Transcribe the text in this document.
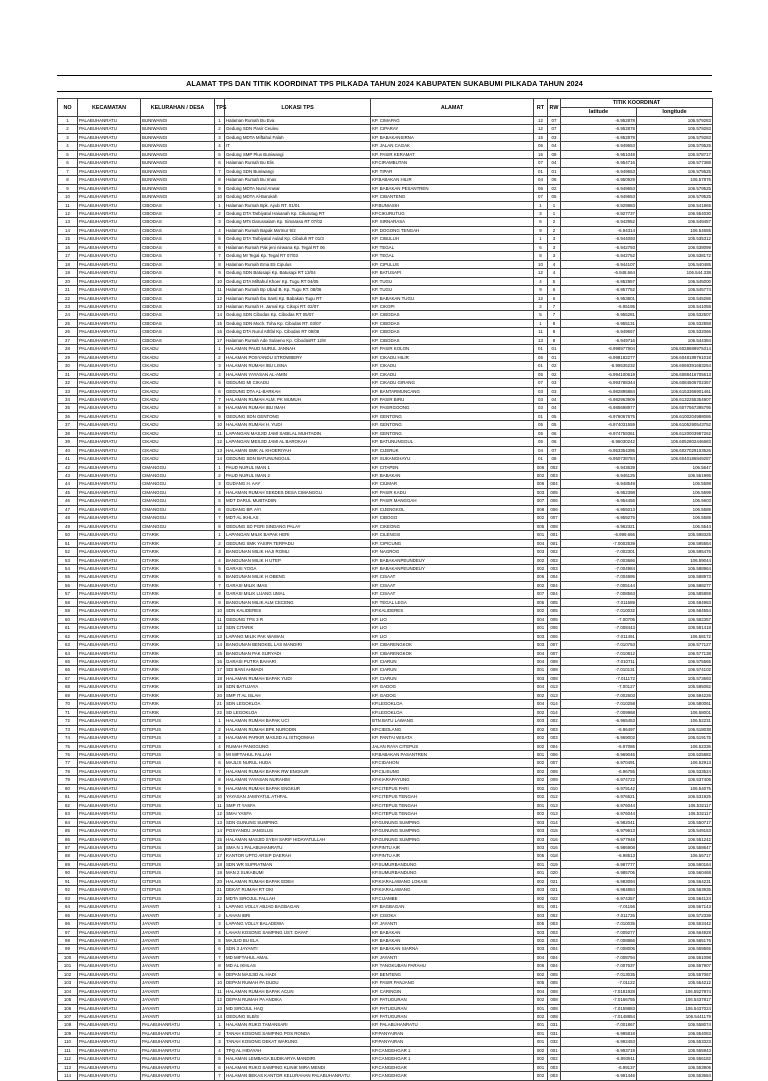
ALAMAT TPS DAN TITIK KOORDINAT TPS PILKADA TAHUN 2024 KABUPATEN SUKABUMI PILKADA TAHUN 2024
NO	KECAMATAN	KELURAHAN / DESA	TPS	LOKASI TPS	ALAMAT	RT	RW	TITIK KOORDINAT	
								latitude	longitude
1	PALABUHANRATU	BUNIWANGI	1	Halaman Rumah Bu Eva	KP. CIMAPAG	12	07	-6.952878	106.579283
2	PALABUHANRATU	BUNIWANGI	2	Gedung SDN Pasir Ceuleu	KP. CIPARAY	12	07	-6.952878	106.579283
3	PALABUHANRATU	BUNIWANGI	3	Gedung MDTA Miftahul Falah	KP. BABAKANSIRNA	15	03	-6.952878	106.579283
4	PALABUHANRATU	BUNIWANGI	4	IT	KP. JALAN CAGAK	06	04	-6.949653	106.579525
5	PALABUHANRATU	BUNIWANGI	5	Gedung SMP Plus Buniwangi	KP. PASIR KERAMAT	16	08	-6.951048	106.578717
6	PALABUHANRATU	BUNIWANGI	6	Halaman Rumah Bu Elis	KP.CIRAMBUTAN	07	04	-6.954716	106.577388
7	PALABUHANRATU	BUNIWANGI	7	Gedung SDN Buniwangi	KP. TIPAR	01	01	-6.949653	106.579525
8	PALABUHANRATU	BUNIWANGI	8	Halaman Rumah Bu Imas	KP.BABAKAN HILIR	04	06	-6.950929	106.57876
9	PALABUHANRATU	BUNIWANGI	9	Gedung MDTA Nurul Anwar	KP. BABAKAN PESANTREN	06	02	-6.949653	106.579525
10	PALABUHANRATU	BUNIWANGI	10	Gedung MDTA Al-Barokah	KP. CIBANTENG	07	05	-6.949653	106.579525
11	PALABUHANRATU	CIBODAS	1	Halaman Rumah Bpk. Ayub RT. 01/01	KP.BUNIASIH	1	1	-6.929883	106.541965
12	PALABUHANRATU	CIBODAS	2	Gedung DTA Tarbiyatul Hasanah Kp. Cikurutug RT	KP.CIKURUTUG	3	1	-6.927737	106.554030
13	PALABUHANRATU	CIBODAS	3	Gedung MTs Darussalam Kp. Simarasa RT 07/02	KP. SIRNARASA	6	2	-6.942952	106.549457
14	PALABUHANRATU	CIBODAS	4	Halaman Rumah Bapak Ma'mur 9/2	KP. DOGONG TENGAH	9	2	-6.94314	106.54655
15	PALABUHANRATU	CIBODAS	5	Gedung DTA Tarbiyatul Aulad Kp. Cibuluh RT 01/3	KP. CIBULUH	1	3	-6.944093	106.535312
16	PALABUHANRATU	CIBODAS	6	Halaman Rumah Pak jeni nirwana Kp. Tegal RT 06	KP. TEGAL	6	3	-6.942793	106.538099
17	PALABUHANRATU	CIBODAS	7	Gedung MI Tegal Kp. Tegal RT 07/03	KP. TEGAL	8	3	-6.942752	106.538172
18	PALABUHANRATU	CIBODAS	8	Halaman Rumah Ema Eti Cipulus	KP. CIPULUS	10	4	-6.944107	106.540485
19	PALABUHANRATU	CIBODAS	9	Gedung SDN Batusapi Kp. Batusapi RT 13/04	KP. BATUSAPI	12	4	-6.948.664	106.544.338
20	PALABUHANRATU	CIBODAS	10	Gedung DTA Miftahul Khoer Kp. Tugu RT 04/05	KP. TUGU	4	5	-6.952957	106.545000
21	PALABUHANRATU	CIBODAS	11	Halaman Rumah Bp Ubad B. Kp. Tugu RT. 08/06	KP. TUGU	9	6	-6.957752	106.545774
22	PALABUHANRATU	CIBODAS	12	Halaman Rumah Ibu Santi Kp. Babakan Tugu RT	KP. BABAKAN TUGU	12	6	-6.953801	106.545286
23	PALABUHANRATU	CIBODAS	13	Halaman Rumah H. Jamal Kp. Cikopi RT. 02/07	KP. CIKOPI	2	7	-6.95195	106.541058
24	PALABUHANRATU	CIBODAS	14	Gedung SDN Cibodas Kp. Cibodas RT 05/07	KP. CIBODAS	5	7	-6.955281	106.532507
25	PALABUHANRATU	CIBODAS	15	Gedung SDN Moch. Toha Kp. Cibodas RT. 03/07	KP. CIBODAS	1	8	-6.955131	106.532858
26	PALABUHANRATU	CIBODAS	16	Gedung DTA Nurul Athfal Kp. Cibodas RT 08/08	KP. CIBODAS	11	8	-6.949667	106.532066
27	PALABUHANRATU	CIBODAS	17	Halaman Rumah Ade Sulaeno Kp. CibodasRT 12/8	KP. CIBODAS	13	8	-6.949716	106.544384
28	PALABUHANRATU	CIKADU	1	HALAMAN PAUD NURUL JANNAH	KP. PASIR KOLON	01	01	-6.998977904	106.6028689975314
29	PALABUHANRATU	CIKADU	2	HALAMAN POSYANDU STROWBERY	KP. CIKADU HILIR	05	01	-6.998182277	106.6048189761018
30	PALABUHANRATU	CIKADU	3	HALAMAN RUMAH IBU LISNA	KP. CIKADU	01	02	-6.99535232	106.6069391683254
31	PALABUHANRATU	CIKADU	4	HALAMAN YAYASAN AL-AMIN	KP. CIKADU	05	02	-6.994100619	106.6088416705613
32	PALABUHANRATU	CIKADU	5	GEDUNG MI CIKADU	KP. CIKADU GIRANG	07	03	-6.993788344	106.6084506702357
33	PALABUHANRATU	CIKADU	6	GEDUNG DTA AL-BARKAH	KP. BANTARMUNCANG	03	03	-6.982895884	106.6153366901461
34	PALABUHANRATU	CIKADU	7	HALAMAN RUMAH ALM. PK MUMUH	KP. PASIR BIRU	03	04	-6.982963909	106.6132255354907
35	PALABUHANRATU	CIKADU	8	HALAMAN RUMAH IBU IMAH	KP. PASIRGOONG	03	04	-6.985698977	106.6077567395795
36	PALABUHANRATU	CIKADU	9	GEDUNG SDN GENTONG	KP. GENTONG	01	05	-6.976067675	106.6100204988086
37	PALABUHANRATU	CIKADU	10	HALAMAN RUMAH H. YUDI	KP. GENTONG	05	05	-6.974031559	106.6105290543752
38	PALABUHANRATU	CIKADU	11	LAPANGAN MASJID JAMI SABILAL MUHTADIN	KP. GENTONG	05	06	-6.974759361	106.6120003987262
39	PALABUHANRATU	CIKADU	12	LAPANGAN MESJID JAMI AL BAROKAH	KP. BATUNUNGGUL	05	06	-6.96030242	106.6052802446683
40	PALABUHANRATU	CIKADU	13	HALAMAN SMK AL KHOERIYAH	KP. CIJERUK	04	07	-6.953354395	106.6027029103526
41	PALABUHANRATU	CIKADU	14	GEDUNG SDN BATUNUNGGUL	KP. SUKANGHAYU	01	08	-6.950738784	106.6040186849287
42	PALABUHANRATU	CIMANGGU	1	PAUD NURUL IMAN 1	KP. CITAPEN	006	002	-6.943639	106.5647
43	PALABUHANRATU	CIMANGGU	2	PAUD NURUL IMAN 2	KP. BABAKAN	002	003	-6.946125	106.561995
44	PALABUHANRATU	CIMANGGU	3	GUDANG H. AAY	KP. CIUMAR	006	004	-6.948549	106.5598
45	PALABUHANRATU	CIMANGGU	4	HALAMAN RUMAH SEKDES DESA CIMANGGU	KP. PASIR KADU	003	005	-6.952398	106.5599
46	PALABUHANRATU	CIMANGGU	5	MDT DARUL MUBTADIIN	KP. PASIR MANGGAH	007	006	-6.954456	106.5603
47	PALABUHANRATU	CIMANGGU	6	GUDANG BP. AYI	KP. CIJENGKOL	008	006	-6.955013	106.5589
48	PALABUHANRATU	CIMANGGU	7	MDT AL IKHLAS	KP. CIBOGO	002	007	-6.959275	106.5589
49	PALABUHANRATU	CIMANGGU	8	GEDUNG SD PGRI SINDANG PALAY	KP. CIKEONG	005	008	-6.962321	106.5544
50	PALABUHANRATU	CITARIK	1	LAPANGAN MILIK BAPAK HERI	KP. CILENGSI	001	001	-6.999.665	106.598325
51	PALABUHANRATU	CITARIK	2	GEDUNG SMK YASIPA TERPADU	KP. CIPICUNG	004	001	-7.0002539	106.595564
52	PALABUHANRATU	CITARIK	3	BANGUNAN MILIK HAJI ROMLI	KP. NAGROG	003	002	-7.002301	106.595476
53	PALABUHANRATU	CITARIK	4	BANGUNAN MILIK H UTEP	KP. BABAKANPEUNDEUY	002	003	-7.003666	106.59044
54	PALABUHANRATU	CITARIK	5	GARASI YOGA	KP. BABAKANPEUNDEUY	002	003	-7.004984	106.588964
55	PALABUHANRATU	CITARIK	6	BANGUNAN MILIK H OBENG	KP. CISAAT	006	004	-7.004995	106.588973
56	PALABUHANRATU	CITARIK	7	GARASI MILIK IMAS	KP. CISAAT	002	004	-7.005144	106.588277
57	PALABUHANRATU	CITARIK	8	GARASI MILIK LUANG UMAL	KP. CISAAT	007	004	-7.008563	106.585959
58	PALABUHANRATU	CITARIK	9	BANGUNAN MILIK ALM CECENG	KP. TEGAL LEGA	005	005	-7.011689	106.584953
59	PALABUHANRATU	CITARIK	10	SDN KALIDERES	KP.KALIDERES	002	005	-7.010032	106.584554
60	PALABUHANRATU	CITARIK	11	GEDUNG TPS 3 R	KP. LIO	004	005	-7.00705	106.582357
61	PALABUHANRATU	CITARIK	12	SDN CITARIK	KP. LIO	001	006	-7.008443	106.581418
62	PALABUHANRATU	CITARIK	13	LAPANG MILIK PAK WAWAN	KP. LIO	003	006	-7.011461	106.58172
63	PALABUHANRATU	CITARIK	14	BANGUNAN BENGKEL LAS MANDIRI	KP. CIBARENGKOK	003	007	-7.010763	106.577127
64	PALABUHANRATU	CITARIK	15	BANGUNAN PAK SURYADI	KP. CIBARENGKOK	004	007	-7.010812	106.577138
65	PALABUHANRATU	CITARIK	16	GARASI PUTRA BAHARI	KP. CIARUN	004	008	-7.010711	106.575565
66	PALABUHANRATU	CITARIK	17	SDI BANI AHMADI	KP. CIARUN	001	008	-7.010131	106.574102
67	PALABUHANRATU	CITARIK	18	HALAMAN RUMAH BAPAK YUDI	KP. CIARUN	003	008	-7.011172	106.573693
68	PALABUHANRATU	CITARIK	19	SDN BATUJAYA	KP. GADOG	004	013	-7.00127	106.595082
69	PALABUHANRATU	CITARIK	20	SMP IT AL ISLAH	KP. GADOG	002	013	-7.002603	106.594226
70	PALABUHANRATU	CITARIK	21	SDN LEGOKLOA	KP.LEGOKLOA	004	014	-7.010258	106.580061
71	PALABUHANRATU	CITARIK	22	SD LEGOKLOA	KP.LEGOKLOA	002	014	-7.009968	106.58001
72	PALABUHANRATU	CITEPUS	1	HALAMAN RUMAH BAPAK UCI	BTN BATU LAWANG	003	002	-6.965453	106.52231
73	PALABUHANRATU	CITEPUS	2	HALAMAN RUMAH BPK NURODIN	KP.CIBOLANG	002	003	-6.96497	106.518038
74	PALABUHANRATU	CITEPUS	3	HALAMAN PARKIR MASJID AL ISTIQOMAH	KP. PANTAI WISATA	002	003	-6.969002	106.519175
75	PALABUHANRATU	CITEPUS	4	RUMAH PANGGUNG	JALAN RAYA CITEPUS	002	004	-6.97086	106.52336
76	PALABUHANRATU	CITEPUS	5	MI MIFTAHUL FALLAH	KP.BABAKAN PASANTREN	001	006	-6.969046	106.525882
77	PALABUHANRATU	CITEPUS	6	MAJLIS NURUL HUDA	KP.CIDAHON	002	007	-6.970491	106.52913
78	PALABUHANRATU	CITEPUS	7	HALAMAN RUMAH BAPAK RW ENGKUR	KP.CILISUNG	002	008	-6.96755	106.533524
79	PALABUHANRATU	CITEPUS	8	HALAMAN YAYASAN NURAHIM	KP.KIARAPAYUNG	002	009	-6.974722	106.537406
80	PALABUHANRATU	CITEPUS	9	HALAMAN RUMAH BAPAK ENGKUR	KP.CITEPUS PARI	002	010	-6.979142	106.54075
81	PALABUHANRATU	CITEPUS	10	YAYASAN JAMIYATUL ATHFAL	KP.CITEPUS TENGAH	002	012	-6.976621	106.531925
82	PALABUHANRATU	CITEPUS	11	SMP IT YASFA	KP.CITEPUS TENGAH	001	013	-6.976044	106.532117
83	PALABUHANRATU	CITEPUS	12	SMAI YASFA	KP.CITEPUS TENGAH	002	013	-6.976044	106.532117
84	PALABUHANRATU	CITEPUS	13	SDN GUNUNG SUMPING	KP.GUNUNG SUMPING	003	014	-6.982041	106.550717
85	PALABUHANRATU	CITEPUS	14	POSYANDU JANGILUS	KP.GUNUNG SUMPING	003	015	-6.979913	106.549153
86	PALABUHANRATU	CITEPUS	15	HALAMAN MASJID SYEH SARIF HIDAYATULLAH	KP.GUNUNG SUMPING	003	016	-6.977948	106.551242
87	PALABUHANRATU	CITEPUS	16	SMA N 1 PALABUHANRATU	KP.PINTU AIR	003	016	-6.986908	106.558647
88	PALABUHANRATU	CITEPUS	17	KANTOR UPTD ARSIP DAERAH	KP.PINTU AIR	005	018	-6.98513	106.55717
89	PALABUHANRATU	CITEPUS	18	SDN WR SUPRATMAN	KP.SUMURBANDUNG	001	019	-6.987777	106.560164
90	PALABUHANRATU	CITEPUS	19	MAN 2 SUKABUMI	KP.SUMURBANDUNG	001	020	-6.985706	106.560468
91	PALABUHANRATU	CITEPUS	20	HALAMAN RUMAH BAPAK EDEH	KP.KIARALAWANG LOKASI	002	021	-6.983094	106.564231
92	PALABUHANRATU	CITEPUS	21	DEKAT RUMAH RT OKI	KP.KIARALAWANG	003	021	-6.984884	106.563935
93	PALABUHANRATU	CITEPUS	22	MDTA SIROJUL FALLAH	KP.CIJAMBE	002	022	-6.974357	106.564124
94	PALABUHANRATU	JAYANTI	1	LAPANG VOLLY ABJAD BAGBAGAN	KP. BAGBAGAN	001	001	-7.01156	106.567143
95	PALABUHANRATU	JAYANTI	2	LAHAN IBRI	KP. CISOKA	003	002	-7.011726	106.572339
96	PALABUHANRATU	JAYANTI	3	LAPANG VOLLY BALADEWA	KP. JAYANTI	005	003	-7.010035	106.563442
97	PALABUHANRATU	JAYANTI	4	LAHAN KOSONG SAMPING UST. DAYAT	KP. BABAKAN	003	003	-7.009277	106.564928
98	PALABUHANRATU	JAYANTI	5	MAJLID BU ELA	KP. BABAKAN	002	003	-7.008866	106.565176
99	PALABUHANRATU	JAYANTI	6	SDN 3 JAYANTI	KP. BABAKAN SIARNA	003	004	-7.008006	106.559565
100	PALABUHANRATU	JAYANTI	7	MD MIFTAHUL AMAL	KP. JAYANTI	004	004	-7.008794	106.561098
101	PALABUHANRATU	JAYANTI	8	MD AL IKHLAS	KP. TANGKUBAN PARAHU	006	004	-7.007637	106.557907
102	PALABUHANRATU	JAYANTI	9	DEPAN MASJID AL HADI	KP. BENTENG	002	005	-7.013035	106.557067
103	PALABUHANRATU	JAYANTI	10	DEPAN RUMAH PA DUDU	KP. PASIR PANJANG	005	005	-7.01122	106.554212
104	PALABUHANRATU	JAYANTI	11	HALAMAN RUMAH BAPAK ACUN	KP. CARINGIN	004	008	-7.0181928	106.5527974
105	PALABUHANRATU	JAYANTI	12	DEPAN RUMAH PA ANDIKA	KP. PATUGURAN	002	008	-7.0166755	106.5437817
106	PALABUHANRATU	JAYANTI	13	MD SIROJUL HAQ	KP. PATUGURAN	001	008	-7.0159883	106.5437024
107	PALABUHANRATU	JAYANTI	14	GEDUNG SLB/S	KP. PATUGURAN	002	008	-7.0148854	106.5441179
108	PALABUHANRATU	PALABUHANRATU	1	HALAMAN RUKO TAMANSARI	KP. PALABUHANRATU	001	031	-7.001867	106.558074
109	PALABUHANRATU	PALABUHANRATU	2	TANAH KOSONG SAMPING POS RONDA	KP.PANYAIRAN	001	031	-6.995818	106.554063
110	PALABUHANRATU	PALABUHANRATU	3	TANAH KOSONG DEKAT WARUNG	KP.PANYAIRAN	001	032	-6.992453	106.553323
111	PALABUHANRATU	PALABUHANRATU	4	TPQ AL HIDAYAH	KP.CANGEHGAR 1	002	001	-6.993719	106.555943
112	PALABUHANRATU	PALABUHANRATU	5	HALAMAN LEMBAGA BUDIKARYA MANDIRI	KP.CANGEHGAR 1	002	002	-6.993911	106.556182
113	PALABUHANRATU	PALABUHANRATU	6	HALAMAN RUKO SAMPING KLINIK MIRA MENDI	KP.CANGEHGAR	001	003	-6.99137	106.553906
114	PALABUHANRATU	PALABUHANRATU	7	HALAMAN BEKAS KANTOR KELURAHAN PALABUHANRATU	KP.CANGEHGAR	002	003	-6.991446	106.553684
